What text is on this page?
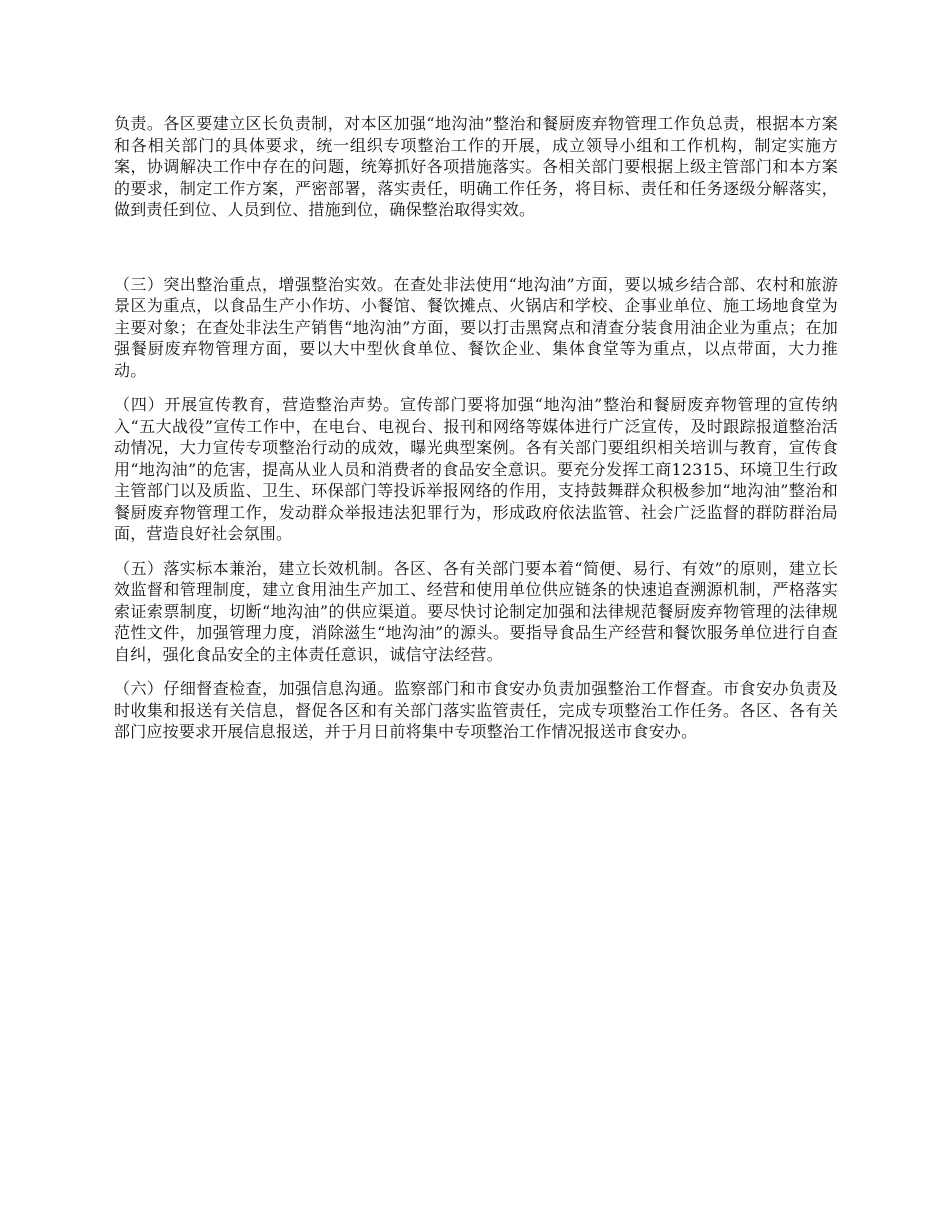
负责。各区要建立区长负责制，对本区加强“地沟油”整治和餐厨废弃物管理工作负总责，根据本方案和各相关部门的具体要求，统一组织专项整治工作的开展，成立领导小组和工作机构，制定实施方案，协调解决工作中存在的问题，统筹抓好各项措施落实。各相关部门要根据上级主管部门和本方案的要求，制定工作方案，严密部署，落实责任，明确工作任务，将目标、责任和任务逐级分解落实，做到责任到位、人员到位、措施到位，确保整治取得实效。

（三）突出整治重点，增强整治实效。在查处非法使用“地沟油”方面，要以城乡结合部、农村和旅游景区为重点，以食品生产小作坊、小餐馆、餐饮摊点、火锅店和学校、企事业单位、施工场地食堂为主要对象；在查处非法生产销售“地沟油”方面，要以打击黑窝点和清查分装食用油企业为重点；在加强餐厨废弃物管理方面，要以大中型伙食单位、餐饮企业、集体食堂等为重点，以点带面，大力推动。

（四）开展宣传教育，营造整治声势。宣传部门要将加强“地沟油”整治和餐厨废弃物管理的宣传纳入“五大战役”宣传工作中，在电台、电视台、报刊和网络等媒体进行广泛宣传，及时跟踪报道整治活动情况，大力宣传专项整治行动的成效，曝光典型案例。各有关部门要组织相关培训与教育，宣传食用“地沟油”的危害，提高从业人员和消费者的食品安全意识。要充分发挥工商12315、环境卫生行政主管部门以及质监、卫生、环保部门等投诉举报网络的作用，支持鼓舞群众积极参加“地沟油”整治和餐厨废弃物管理工作，发动群众举报违法犯罪行为，形成政府依法监管、社会广泛监督的群防群治局面，营造良好社会氛围。

（五）落实标本兼治，建立长效机制。各区、各有关部门要本着“简便、易行、有效”的原则，建立长效监督和管理制度，建立食用油生产加工、经营和使用单位供应链条的快速追查溯源机制，严格落实索证索票制度，切断“地沟油”的供应渠道。要尽快讨论制定加强和法律规范餐厨废弃物管理的法律规范性文件，加强管理力度，消除滋生“地沟油”的源头。要指导食品生产经营和餐饮服务单位进行自查自纠，强化食品安全的主体责任意识，诚信守法经营。

（六）仔细督查检查，加强信息沟通。监察部门和市食安办负责加强整治工作督查。市食安办负责及时收集和报送有关信息，督促各区和有关部门落实监管责任，完成专项整治工作任务。各区、各有关部门应按要求开展信息报送，并于月日前将集中专项整治工作情况报送市食安办。
